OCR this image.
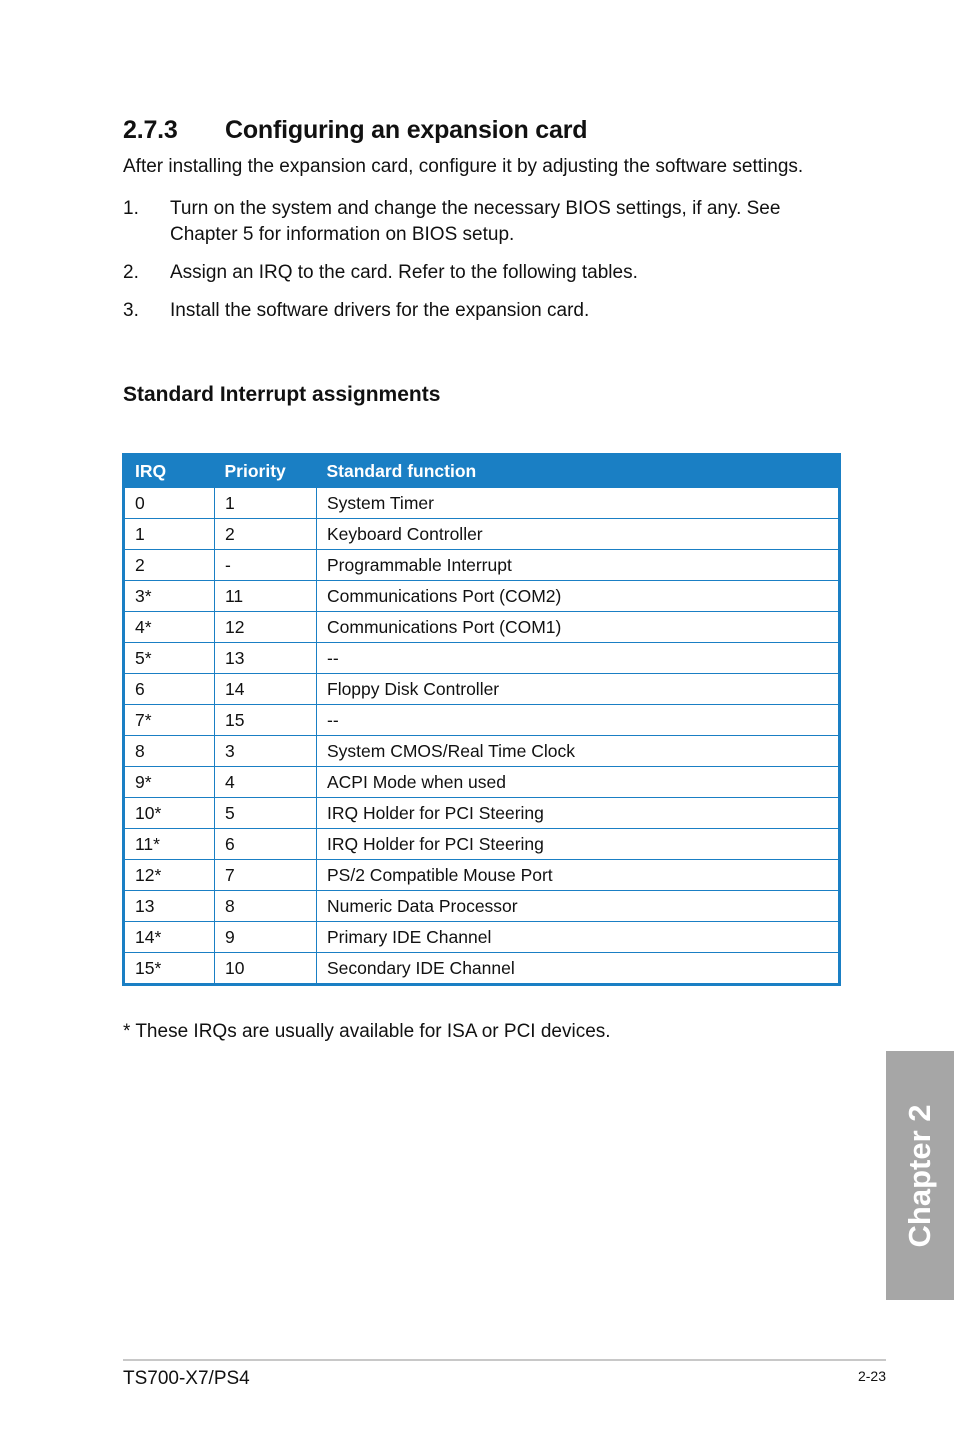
2.7.3 Configuring an expansion card

After installing the expansion card, configure it by adjusting the software settings.

1. Turn on the system and change the necessary BIOS settings, if any. See Chapter 5 for information on BIOS setup.
2. Assign an IRQ to the card. Refer to the following tables.
3. Install the software drivers for the expansion card.
Standard Interrupt assignments
IRQ	Priority	Standard function
0	1	System Timer
1	2	Keyboard Controller
2	-	Programmable Interrupt
3*	11	Communications Port (COM2)
4*	12	Communications Port (COM1)
5*	13	--
6	14	Floppy Disk Controller
7*	15	--
8	3	System CMOS/Real Time Clock
9*	4	ACPI Mode when used
10*	5	IRQ Holder for PCI Steering
11*	6	IRQ Holder for PCI Steering
12*	7	PS/2 Compatible Mouse Port
13	8	Numeric Data Processor
14*	9	Primary IDE Channel
15*	10	Secondary IDE Channel

* These IRQs are usually available for ISA or PCI devices.

Chapter 2

TS700-X7/PS4	2-23
